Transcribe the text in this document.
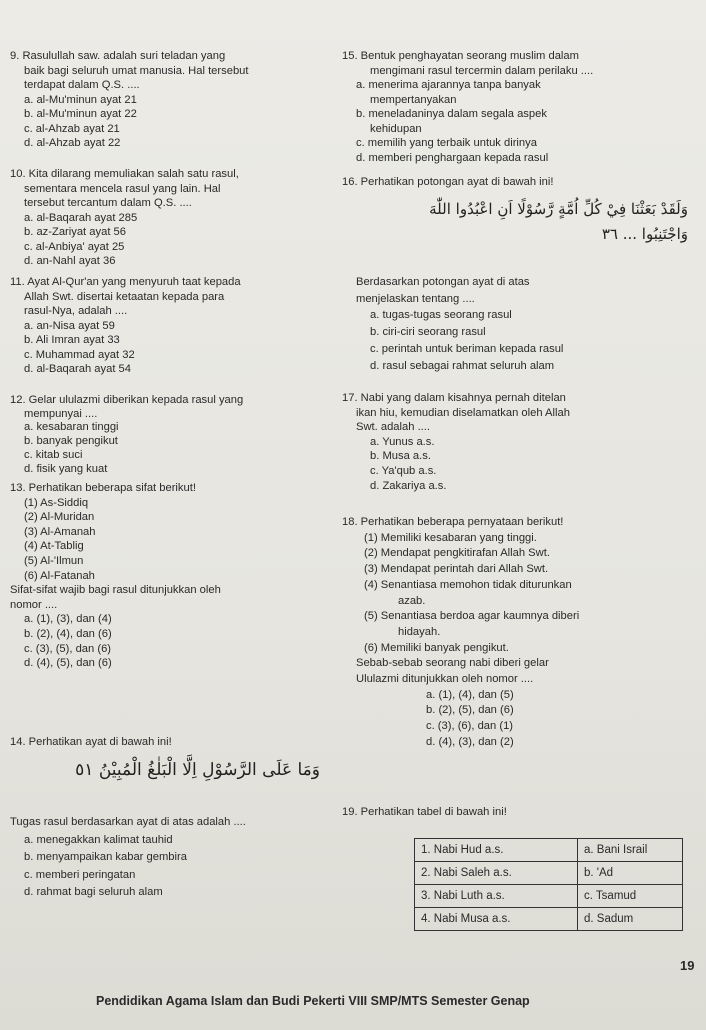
9. Rasulullah saw. adalah suri teladan yang
baik bagi seluruh umat manusia. Hal tersebut
terdapat dalam Q.S. ....
a. al-Mu'minun ayat 21
b. al-Mu'minun ayat 22
c. al-Ahzab ayat 21
d. al-Ahzab ayat 22
10. Kita dilarang memuliakan salah satu rasul,
sementara mencela rasul yang lain. Hal
tersebut tercantum dalam Q.S. ....
a. al-Baqarah ayat 285
b. az-Zariyat ayat 56
c. al-Anbiya' ayat 25
d. an-Nahl ayat 36
11. Ayat Al-Qur'an yang menyuruh taat kepada
Allah Swt. disertai ketaatan kepada para
rasul-Nya, adalah ....
a. an-Nisa ayat 59
b. Ali Imran ayat 33
c. Muhammad ayat 32
d. al-Baqarah ayat 54
12. Gelar ululazmi diberikan kepada rasul yang
mempunyai ....
a. kesabaran tinggi
b. banyak pengikut
c. kitab suci
d. fisik yang kuat
13. Perhatikan beberapa sifat berikut!
(1) As-Siddiq
(2) Al-Muridan
(3) Al-Amanah
(4) At-Tablig
(5) Al-'Ilmun
(6) Al-Fatanah
Sifat-sifat wajib bagi rasul ditunjukkan oleh
nomor ....
a. (1), (3), dan (4)
b. (2), (4), dan (6)
c. (3), (5), dan (6)
d. (4), (5), dan (6)
14. Perhatikan ayat di bawah ini!
وَمَا عَلَى الرَّسُوْلِ اِلَّا الْبَلٰغُ الْمُبِيْنُ ٥١
Tugas rasul berdasarkan ayat di atas adalah ....
a. menegakkan kalimat tauhid
b. menyampaikan kabar gembira
c. memberi peringatan
d. rahmat bagi seluruh alam
15. Bentuk penghayatan seorang muslim dalam
mengimani rasul tercermin dalam perilaku ....
a. menerima ajarannya tanpa banyak
mempertanyakan
b. meneladaninya dalam segala aspek
kehidupan
c. memilih yang terbaik untuk dirinya
d. memberi penghargaan kepada rasul
16. Perhatikan potongan ayat di bawah ini!
وَلَقَدْ بَعَثْنَا فِيْ كُلِّ اُمَّةٍ رَّسُوْلًا اَنِ اعْبُدُوا اللّٰهَ
وَاجْتَنِبُوا ... ٣٦
Berdasarkan potongan ayat di atas
menjelaskan tentang ....
a. tugas-tugas seorang rasul
b. ciri-ciri seorang rasul
c. perintah untuk beriman kepada rasul
d. rasul sebagai rahmat seluruh alam
17. Nabi yang dalam kisahnya pernah ditelan
ikan hiu, kemudian diselamatkan oleh Allah
Swt. adalah ....
a. Yunus a.s.
b. Musa a.s.
c. Ya'qub a.s.
d. Zakariya a.s.
18. Perhatikan beberapa pernyataan berikut!
(1) Memiliki kesabaran yang tinggi.
(2) Mendapat pengkitirafan Allah Swt.
(3) Mendapat perintah dari Allah Swt.
(4) Senantiasa memohon tidak diturunkan
azab.
(5) Senantiasa berdoa agar kaumnya diberi
hidayah.
(6) Memiliki banyak pengikut.
Sebab-sebab seorang nabi diberi gelar
Ululazmi ditunjukkan oleh nomor ....
a. (1), (4), dan (5)
b. (2), (5), dan (6)
c. (3), (6), dan (1)
d. (4), (3), dan (2)
19. Perhatikan tabel di bawah ini!
1. Nabi Hud a.s.	a. Bani Israil
2. Nabi Saleh a.s.	b. 'Ad
3. Nabi Luth a.s.	c. Tsamud
4. Nabi Musa a.s.	d. Sadum
Pendidikan Agama Islam dan Budi Pekerti VIII SMP/MTS Semester Genap
19
